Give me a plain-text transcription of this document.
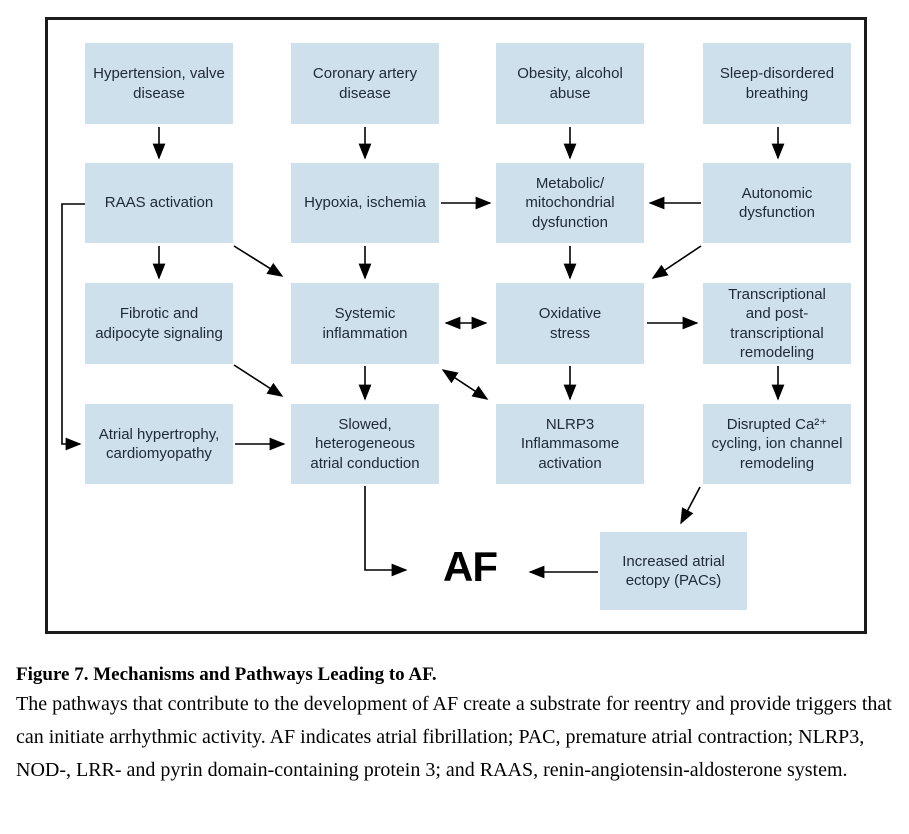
Hypertension, valve disease
Coronary artery disease
Obesity, alcohol abuse
Sleep-disordered breathing
RAAS activation	Hypoxia, ischemia
Metabolic/ mitochondrial dysfunction
Autonomic dysfunction
Fibrotic and adipocyte signaling
Systemic inflammation
Oxidative stress
Transcriptional and post- transcriptional remodeling
Atrial hypertrophy, cardiomyopathy
Slowed, heterogeneous atrial conduction
NLRP3 Inflammasome activation
Disrupted Ca²⁺ cycling, ion channel remodeling
Increased atrial ectopy (PACs)
AF
Figure 7. Mechanisms and Pathways Leading to AF.
The pathways that contribute to the development of AF create a substrate for reentry and provide triggers that can initiate arrhythmic activity. AF indicates atrial fibrillation; PAC, premature atrial contraction; NLRP3, NOD-, LRR- and pyrin domain-containing protein 3; and RAAS, renin-angiotensin-aldosterone system.
